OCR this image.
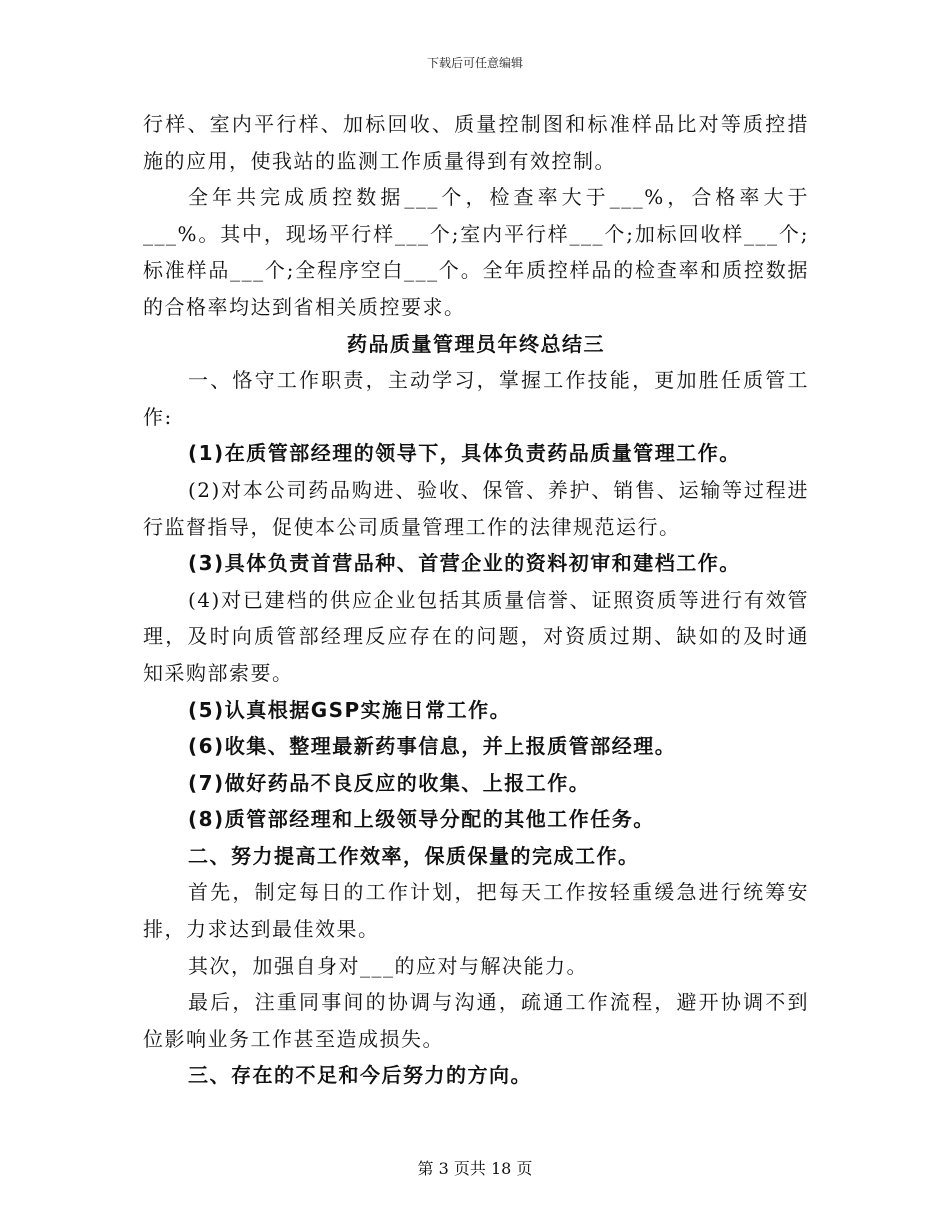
下载后可任意编辑

行样、室内平行样、加标回收、质量控制图和标准样品比对等质控措施的应用，使我站的监测工作质量得到有效控制。

全年共完成质控数据___个，检查率大于___%，合格率大于___%。其中，现场平行样___个;室内平行样___个;加标回收样___个;标准样品___个;全程序空白___个。全年质控样品的检查率和质控数据的合格率均达到省相关质控要求。

药品质量管理员年终总结三

一、恪守工作职责，主动学习，掌握工作技能，更加胜任质管工作:

(1)在质管部经理的领导下，具体负责药品质量管理工作。

(2)对本公司药品购进、验收、保管、养护、销售、运输等过程进行监督指导，促使本公司质量管理工作的法律规范运行。

(3)具体负责首营品种、首营企业的资料初审和建档工作。

(4)对已建档的供应企业包括其质量信誉、证照资质等进行有效管理，及时向质管部经理反应存在的问题，对资质过期、缺如的及时通知采购部索要。

(5)认真根据GSP实施日常工作。

(6)收集、整理最新药事信息，并上报质管部经理。

(7)做好药品不良反应的收集、上报工作。

(8)质管部经理和上级领导分配的其他工作任务。

二、努力提高工作效率，保质保量的完成工作。

首先，制定每日的工作计划，把每天工作按轻重缓急进行统筹安排，力求达到最佳效果。

其次，加强自身对___的应对与解决能力。

最后，注重同事间的协调与沟通，疏通工作流程，避开协调不到位影响业务工作甚至造成损失。

三、存在的不足和今后努力的方向。

第 3 页共 18 页
